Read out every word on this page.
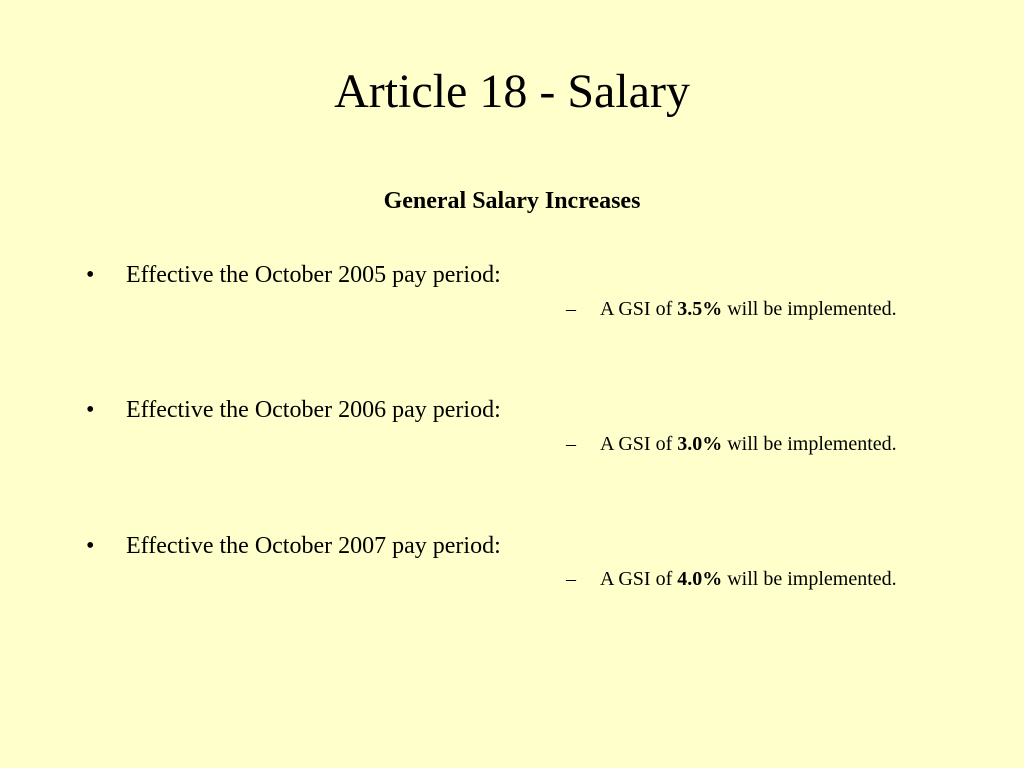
Article 18 - Salary
General Salary Increases
• Effective the October 2005 pay period:
– A GSI of 3.5% will be implemented.
• Effective the October 2006 pay period:
– A GSI of 3.0% will be implemented.
• Effective the October 2007 pay period:
– A GSI of 4.0% will be implemented.
